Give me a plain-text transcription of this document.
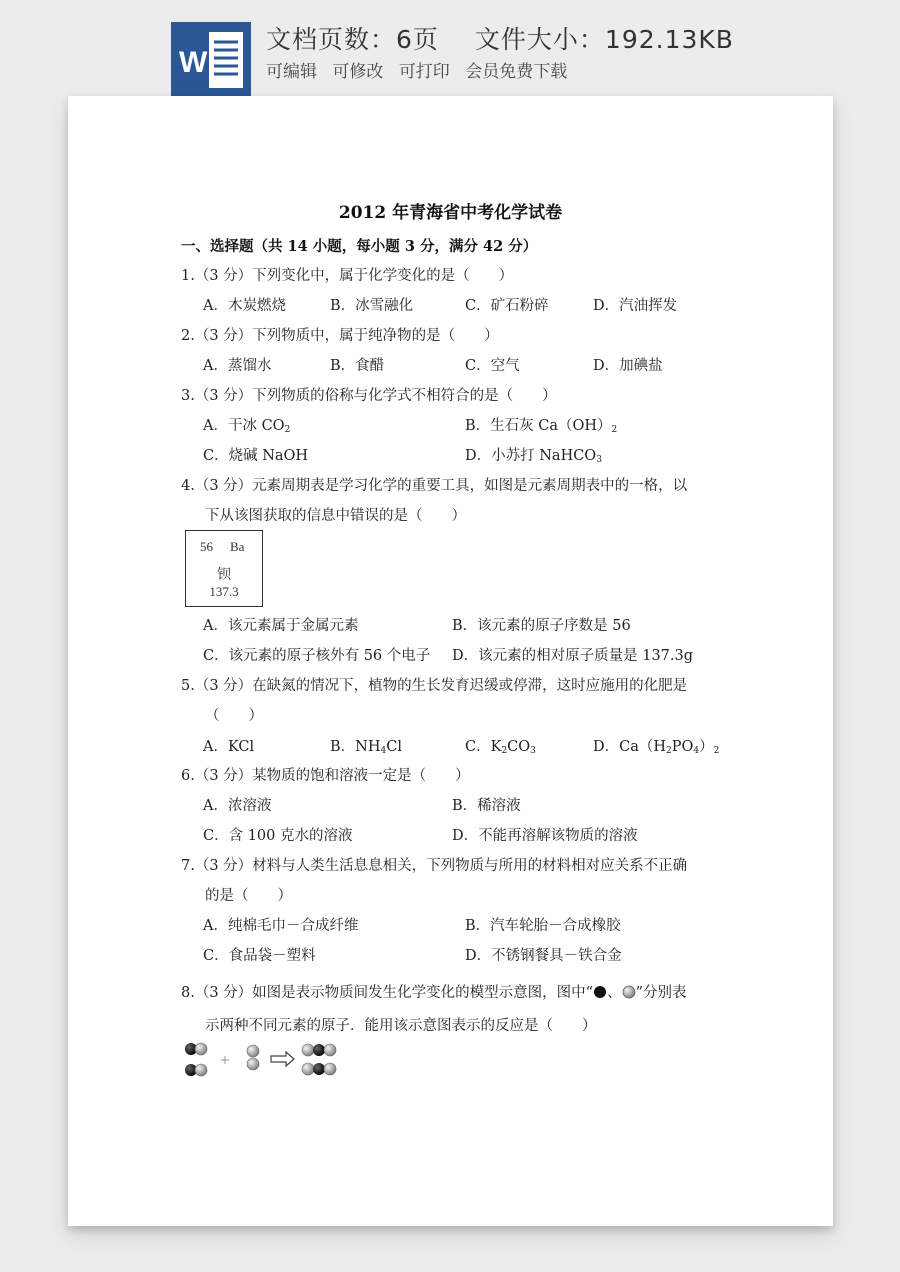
W
文档页数：6页 文件大小：192.13KB
可编辑 可修改 可打印 会员免费下载
2012 年青海省中考化学试卷
一、选择题（共 14 小题，每小题 3 分，满分 42 分）
1.（3 分）下列变化中，属于化学变化的是（　　）
A．木炭燃烧	B．冰雪融化	C．矿石粉碎	D．汽油挥发
2.（3 分）下列物质中，属于纯净物的是（　　）
A．蒸馏水	B．食醋	C．空气	D．加碘盐
3.（3 分）下列物质的俗称与化学式不相符合的是（　　）
A．干冰 $CO_2$	B．生石灰 $Ca(OH)_2$
C．烧碱 NaOH	D．小苏打 NaHCO$_3$
4.（3 分）元素周期表是学习化学的重要工具，如图是元素周期表中的一格，以
下从该图获取的信息中错误的是（　　）
56 Ba
钡
137.3
A．该元素属于金属元素	B．该元素的原子序数是 56
C．该元素的原子核外有 56 个电子 D．该元素的相对原子质量是 137.3g
5.（3 分）在缺氮的情况下，植物的生长发育迟缓或停滞，这时应施用的化肥是
（　　）
A．KCl	B．$NH_4Cl$	C．$K_2CO_3$	D．$Ca(H_2PO_4)_2$
6.（3 分）某物质的饱和溶液一定是（　　）
A．浓溶液	B．稀溶液
C．含 100 克水的溶液	D．不能再溶解该物质的溶液
7.（3 分）材料与人类生活息息相关，下列物质与所用的材料相对应关系不正确
的是（　　）
A．纯棉毛巾－合成纤维	B．汽车轮胎－合成橡胶
C．食品袋－塑料	D．不锈钢餐具－铁合金
8.（3 分）如图是表示物质间发生化学变化的模型示意图，图中“ 、 ”分别表
示两种不同元素的原子．能用该示意图表示的反应是（　　）
